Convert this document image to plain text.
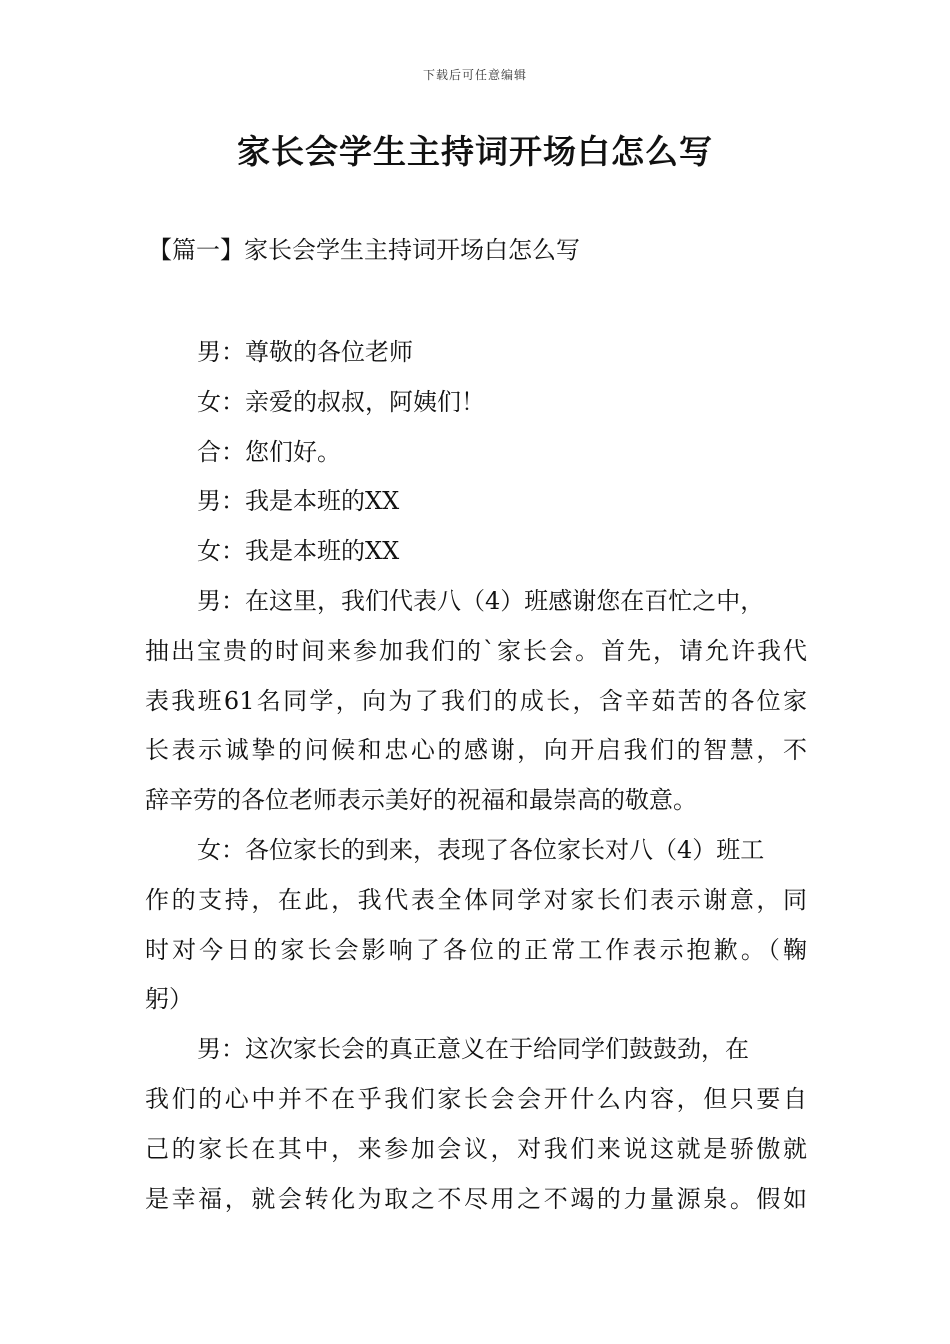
下载后可任意编辑
家长会学生主持词开场白怎么写
【篇一】家长会学生主持词开场白怎么写
男：尊敬的各位老师
女：亲爱的叔叔，阿姨们！
合：您们好。
男：我是本班的XX
女：我是本班的XX
男：在这里，我们代表八（4）班感谢您在百忙之中，
抽出宝贵的时间来参加我们的`家长会。首先，请允许我代
表我班61名同学，向为了我们的成长，含辛茹苦的各位家
长表示诚挚的问候和忠心的感谢，向开启我们的智慧，不
辞辛劳的各位老师表示美好的祝福和最崇高的敬意。
女：各位家长的到来，表现了各位家长对八（4）班工
作的支持，在此，我代表全体同学对家长们表示谢意，同
时对今日的家长会影响了各位的正常工作表示抱歉。（鞠
躬）
男：这次家长会的真正意义在于给同学们鼓鼓劲，在
我们的心中并不在乎我们家长会会开什么内容，但只要自
己的家长在其中，来参加会议，对我们来说这就是骄傲就
是幸福，就会转化为取之不尽用之不竭的力量源泉。假如
